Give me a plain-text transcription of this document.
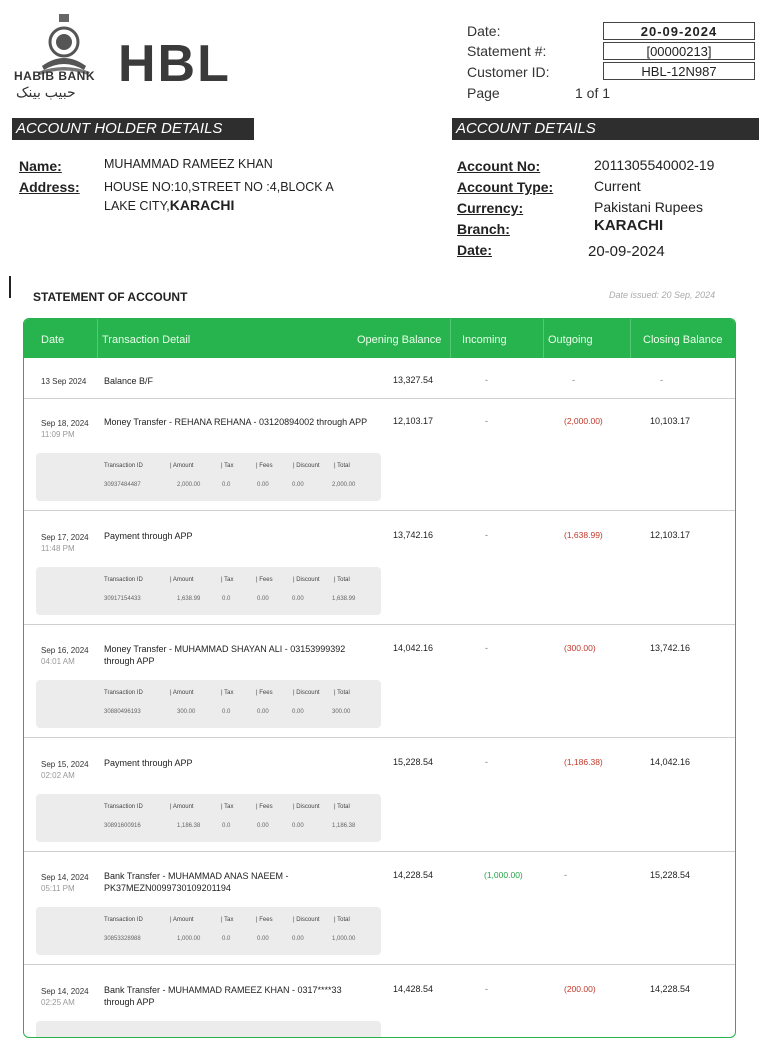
HABIB BANK
حبیب بینک HBL
Date:	20-09-2024
Statement #:	[00000213]
Customer ID:	HBL-12N987
Page	1 of 1
ACCOUNT HOLDER DETAILS	ACCOUNT DETAILS
Name:	MUHAMMAD RAMEEZ KHAN
Address: HOUSE NO:10,STREET NO :4,BLOCK A
LAKE CITY,KARACHI
Account No:	2011305540002-19
Account Type:	Current
Currency:	Pakistani Rupees
Branch:	KARACHI
Date:	20-09-2024
STATEMENT OF ACCOUNT	Date issued: 20 Sep, 2024
Date	Transaction Detail	Opening Balance Incoming	Outgoing	Closing Balance
13 Sep 2024 Balance B/F	13,327.54	-	-	-
Sep 18, 2024
11:09 PM
Money Transfer - REHANA REHANA - 03120894002 through APP	12,103.17	-	(2,000.00)	10,103.17
Transaction ID	| Amount	| Tax	| Fees	| Discount | Total
30937484487	2,000.00	0.0	0.00	0.00	2,000.00
Sep 17, 2024
11:48 PM
Payment through APP	13,742.16	-	(1,638.99)	12,103.17
Transaction ID	| Amount	| Tax	| Fees	| Discount | Total
30917154433	1,638.99	0.0	0.00	0.00	1,638.99
Sep 16, 2024
04:01 AM
Money Transfer - MUHAMMAD SHAYAN ALI - 03153999392 through APP
14,042.16	-	(300.00)	13,742.16
Transaction ID	| Amount	| Tax	| Fees	| Discount | Total
30880496193	300.00	0.0	0.00	0.00	300.00
Sep 15, 2024
02:02 AM
Payment through APP	15,228.54	-	(1,186.38)	14,042.16
Transaction ID	| Amount	| Tax	| Fees	| Discount | Total
30891600916	1,186.38	0.0	0.00	0.00	1,186.38
Sep 14, 2024
05:11 PM
Bank Transfer - MUHAMMAD ANAS NAEEM - PK37MEZN0099730109201194
14,228.54	(1,000.00)	-	15,228.54
Transaction ID	| Amount	| Tax	| Fees	| Discount | Total
30853328988	1,000.00	0.0	0.00	0.00	1,000.00
Sep 14, 2024
02:25 AM
Bank Transfer - MUHAMMAD RAMEEZ KHAN - 0317****33 through APP
14,428.54	-	(200.00)	14,228.54
